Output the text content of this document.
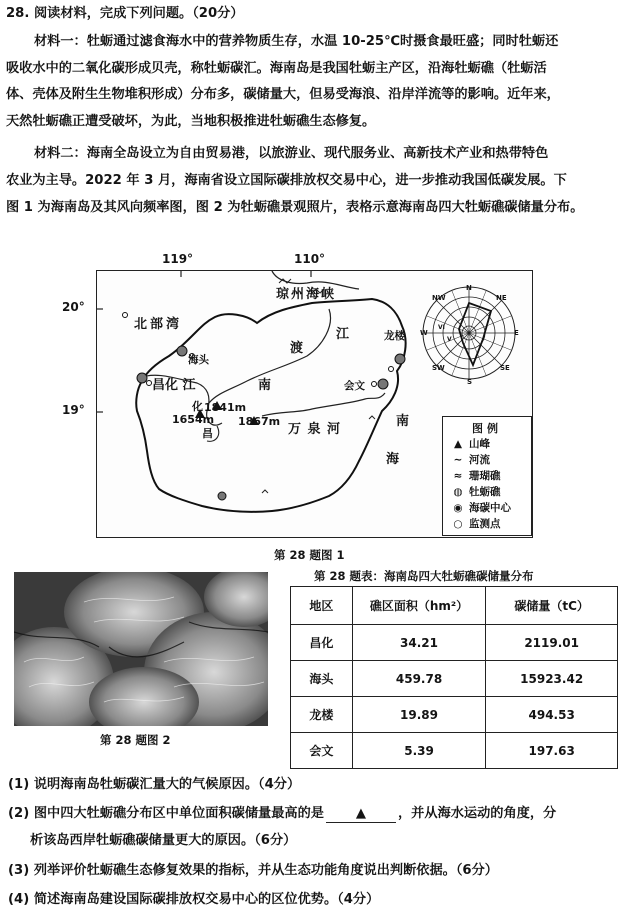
28. 阅读材料，完成下列问题。（20分）
材料一：牡蛎通过滤食海水中的营养物质生存，水温 10-25℃时摄食最旺盛；同时牡蛎还
吸收水中的二氧化碳形成贝壳，称牡蛎碳汇。海南岛是我国牡蛎主产区，沿海牡蛎礁（牡蛎活
体、壳体及附生生物堆积形成）分布多，碳储量大，但易受海浪、沿岸洋流等的影响。近年来，
天然牡蛎礁正遭受破坏，为此，当地积极推进牡蛎礁生态修复。
材料二：海南全岛设立为自由贸易港，以旅游业、现代服务业、高新技术产业和热带特色
农业为主导。2022 年 3 月，海南省设立国际碳排放权交易中心，进一步推动我国低碳发展。下
图 1 为海南岛及其风向频率图，图 2 为牡蛎礁景观照片，表格示意海南岛四大牡蛎礁碳储量分布。
119°	110°
20°
19°
琼州海峡
北部湾
江
渡
南
昌化 江
万 泉 河
南
海
海头
龙楼
会文
1841m
1654m 1867m
化
昌
N
NE
E
SE
S
SW
W
NW
VI
V
图例
▲ 山峰
∼ 河流
≈ 珊瑚礁
◍ 牡蛎礁
◉ 海碳中心
○ 监测点
第 28 题图 1
第 28 题图 2
第 28 题表：海南岛四大牡蛎礁碳储量分布
地区	礁区面积（hm²）	碳储量（tC）
昌化	34.21	2119.01
海头	459.78	15923.42
龙楼	19.89	494.53
会文	5.39	197.63
(1) 说明海南岛牡蛎碳汇量大的气候原因。（4分）
(2) 图中四大牡蛎礁分布区中单位面积碳储量最高的是 ▲ ，并从海水运动的角度，分
析该岛西岸牡蛎礁碳储量更大的原因。（6分）
(3) 列举评价牡蛎礁生态修复效果的指标，并从生态功能角度说出判断依据。（6分）
(4) 简述海南岛建设国际碳排放权交易中心的区位优势。（4分）
